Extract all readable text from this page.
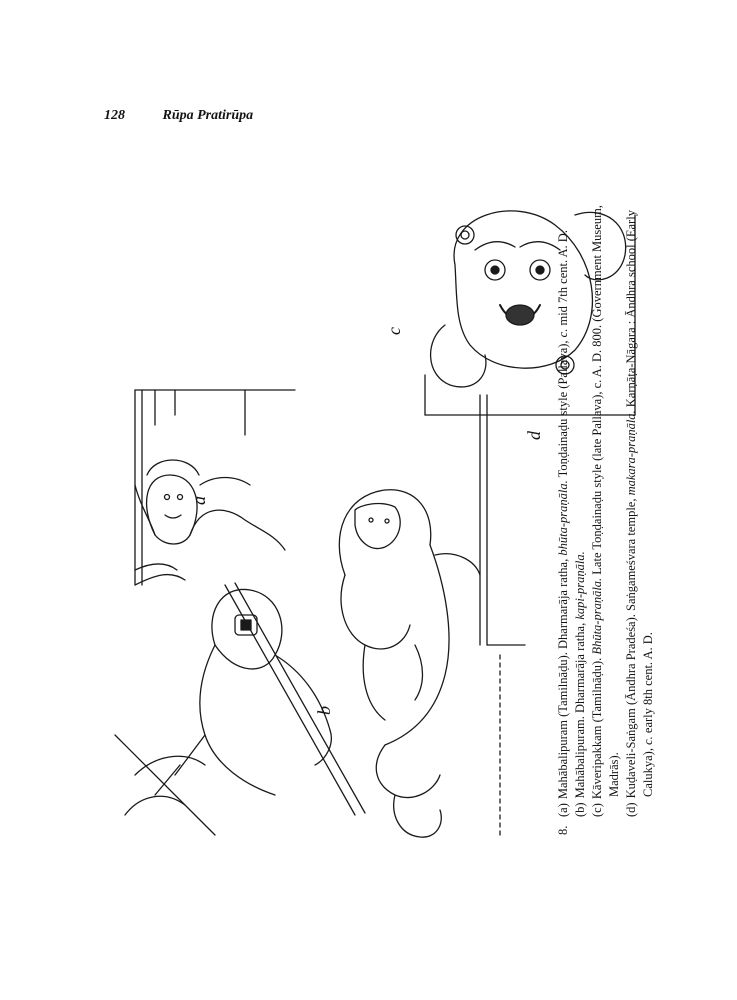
128	Rūpa Pratirūpa
a
b
c
d
8.

(a)Mahābalipuram (Tamilnāḍu). Dharmarāja ratha, bhūta-praṇāla. Toṇḍainaḍu style (Pallava), c. mid 7th cent. A. D.

(b)Mahābalipuram. Dharmarāja ratha, kapi-praṇāla.

(c)Kāveripakkam (Tamilnāḍu). Bhūta-praṇāla. Late Toṇḍainaḍu style (late Pallava), c. A. D. 800. (Government Museum, Madrās).

(d)Kuḍaveli-Saṅgam (Āndhra Pradeśa). Saṅgameśvara temple, makara-praṇāla. Karṇāṭa-Nāgara : Āndhra school (Early Calukya), c. early 8th cent. A. D.
